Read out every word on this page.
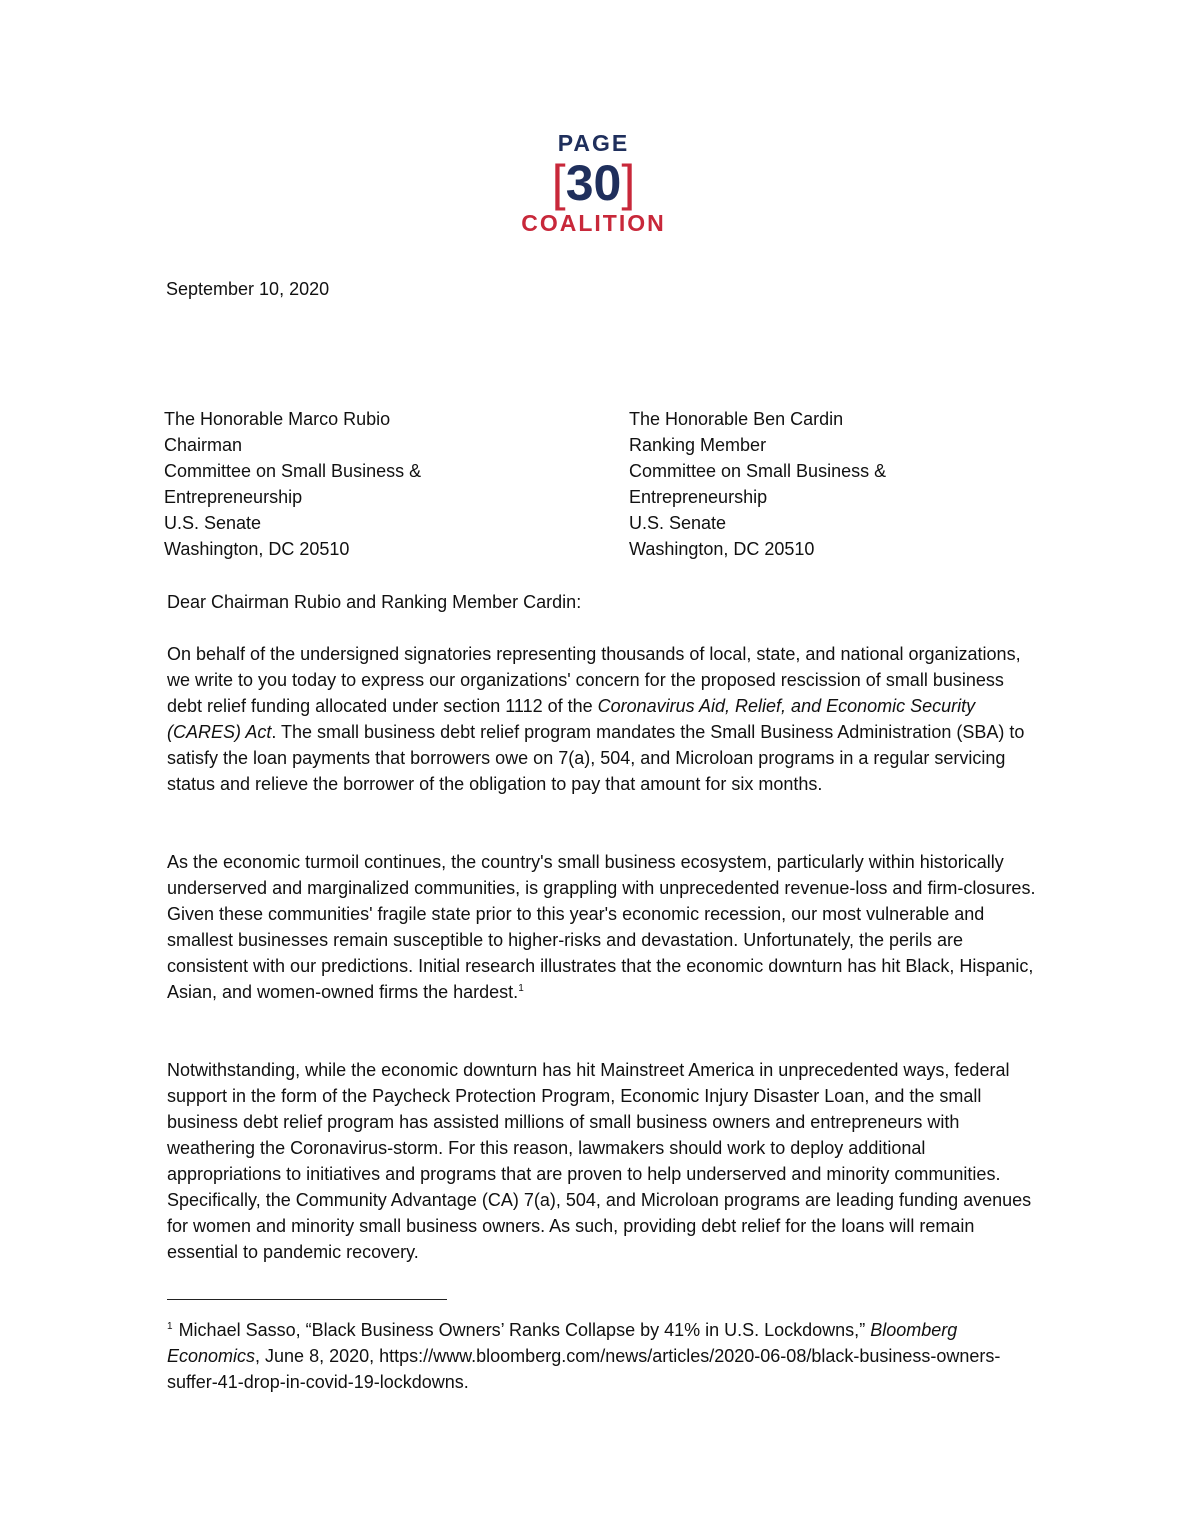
PAGE
[30]
COALITION
September 10, 2020
The Honorable Marco Rubio
Chairman
Committee on Small Business &
Entrepreneurship
U.S. Senate
Washington, DC 20510
The Honorable Ben Cardin
Ranking Member
Committee on Small Business &
Entrepreneurship
U.S. Senate
Washington, DC 20510
Dear Chairman Rubio and Ranking Member Cardin:
On behalf of the undersigned signatories representing thousands of local, state, and national organizations, we write to you today to express our organizations' concern for the proposed rescission of small business debt relief funding allocated under section 1112 of the Coronavirus Aid, Relief, and Economic Security (CARES) Act. The small business debt relief program mandates the Small Business Administration (SBA) to satisfy the loan payments that borrowers owe on 7(a), 504, and Microloan programs in a regular servicing status and relieve the borrower of the obligation to pay that amount for six months.
As the economic turmoil continues, the country's small business ecosystem, particularly within historically underserved and marginalized communities, is grappling with unprecedented revenue-loss and firm-closures. Given these communities' fragile state prior to this year's economic recession, our most vulnerable and smallest businesses remain susceptible to higher-risks and devastation. Unfortunately, the perils are consistent with our predictions. Initial research illustrates that the economic downturn has hit Black, Hispanic, Asian, and women-owned firms the hardest.$^1$
Notwithstanding, while the economic downturn has hit Mainstreet America in unprecedented ways, federal support in the form of the Paycheck Protection Program, Economic Injury Disaster Loan, and the small business debt relief program has assisted millions of small business owners and entrepreneurs with weathering the Coronavirus-storm. For this reason, lawmakers should work to deploy additional appropriations to initiatives and programs that are proven to help underserved and minority communities. Specifically, the Community Advantage (CA) 7(a), 504, and Microloan programs are leading funding avenues for women and minority small business owners. As such, providing debt relief for the loans will remain essential to pandemic recovery.
$^1$ Michael Sasso, “Black Business Owners’ Ranks Collapse by 41% in U.S. Lockdowns,” Bloomberg Economics, June 8, 2020, https://www.bloomberg.com/news/articles/2020-06-08/black-business-owners-suffer-41-drop-in-covid-19-lockdowns.
